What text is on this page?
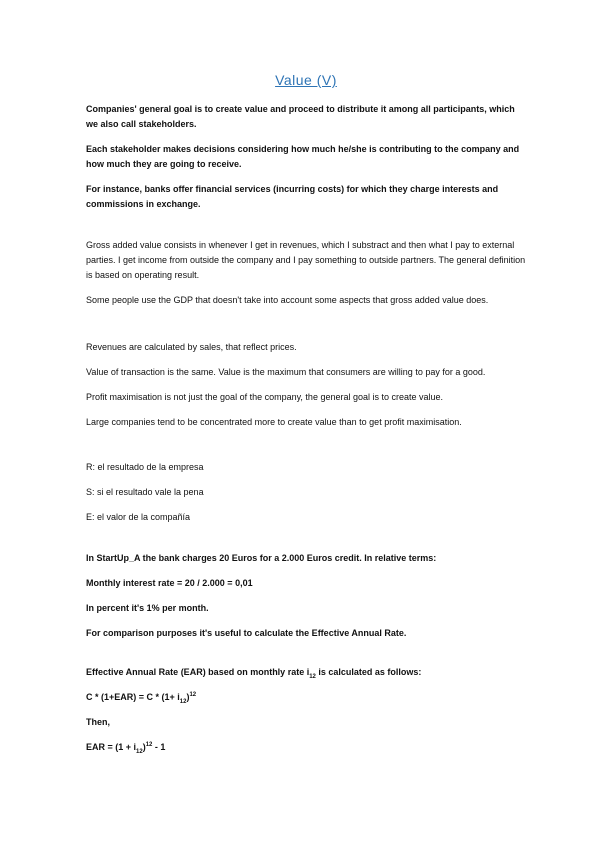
Value (V)

Companies' general goal is to create value and proceed to distribute it among all participants, which we also call stakeholders.

Each stakeholder makes decisions considering how much he/she is contributing to the company and how much they are going to receive.

For instance, banks offer financial services (incurring costs) for which they charge interests and commissions in exchange.

Gross added value consists in whenever I get in revenues, which I substract and then what I pay to external parties. I get income from outside the company and I pay something to outside partners. The general definition is based on operating result.

Some people use the GDP that doesn't take into account some aspects that gross added value does.

Revenues are calculated by sales, that reflect prices.

Value of transaction is the same. Value is the maximum that consumers are willing to pay for a good.

Profit maximisation is not just the goal of the company, the general goal is to create value.

Large companies tend to be concentrated more to create value than to get profit maximisation.

R: el resultado de la empresa

S: si el resultado vale la pena

E: el valor de la compañía

In StartUp_A the bank charges 20 Euros for a 2.000 Euros credit. In relative terms:

Monthly interest rate = 20 / 2.000 = 0,01

In percent it's 1% per month.

For comparison purposes it's useful to calculate the Effective Annual Rate.

Effective Annual Rate (EAR) based on monthly rate $i_{12}$ is calculated as follows:

$C * (1+EAR) = C * (1+ i_{12})^{12}$

Then,

EAR = $(1 + i_{12})^{12} - 1$
